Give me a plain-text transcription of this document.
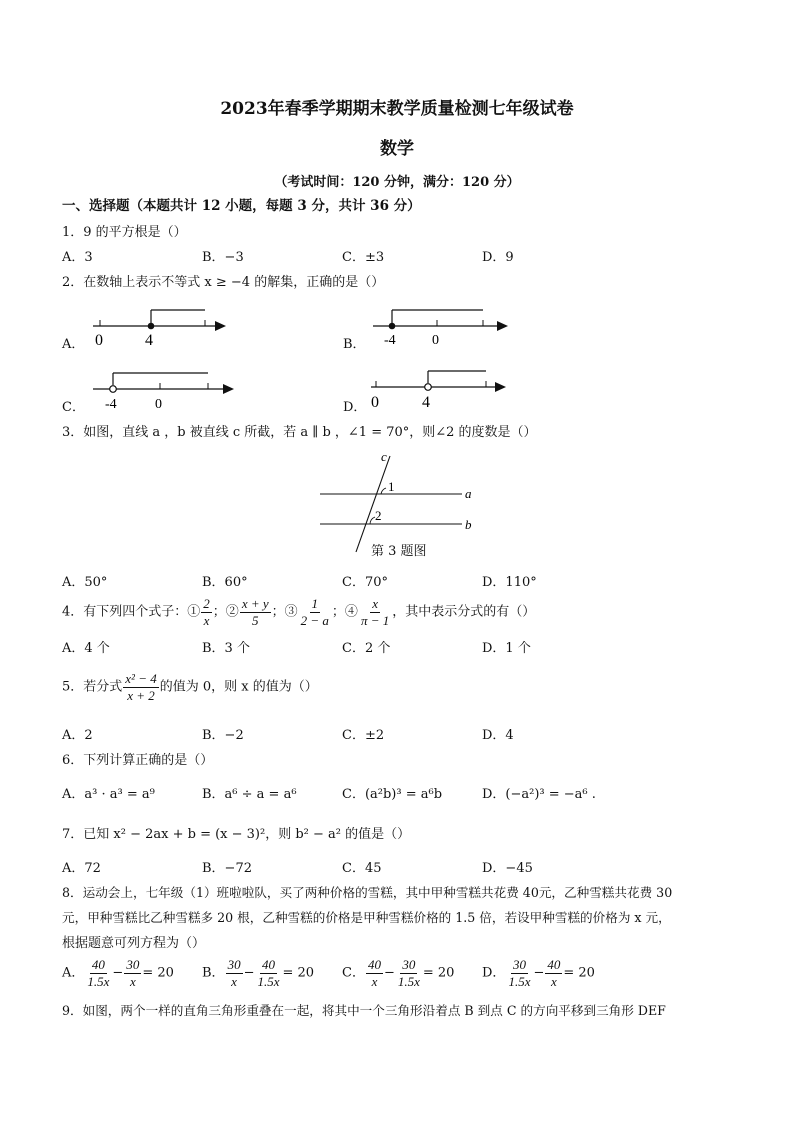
2023年春季学期期末教学质量检测七年级试卷
数学
（考试时间：120 分钟，满分：120 分）
一、选择题（本题共计 12 小题，每题 3 分，共计 36 分）
1．9 的平方根是（）
A．3	B．−3	C．±3	D．9
2．在数轴上表示不等式 x ≥ −4 的解集，正确的是（）
A． 0	4	B． -4	0
C． -4	0	D． 0	4
3．如图，直线 a ，b 被直线 c 所截，若 a ∥ b ，∠1 = 70°，则∠2 的度数是（）
c
1	a
2
b
第 3 题图
A．50°	B．60°	C．70°	D．110°
4．有下列四个式子：① $\frac{2}{x}$ ；② $\frac{x + y}{5}$ ；③ $\frac{1}{2 - a}$ ；④ $\frac{x}{\pi - 1}$ ，其中表示分式的有（）
A．4 个	B．3 个	C．2 个	D．1 个
5．若分式 $\frac{\text{x² − 4}}{x + 2}$ 的值为 0，则 x 的值为（）
A．2	B．−2	C．±2	D．4
6．下列计算正确的是（）
A．a³ · a³ = a⁹	B．a⁶ ÷ a = a⁶	C．(a²b)³ = a⁶b	D．(−a²)³ = −a⁶ .
7．已知 x² − 2ax + b = (x − 3)²，则 b² − a² 的值是（）
A．72	B．−72	C．45	D．−45
8．运动会上，七年级（1）班啦啦队，买了两种价格的雪糕，其中甲种雪糕共花费 40元，乙种雪糕共花费 30
元，甲种雪糕比乙种雪糕多 20 根，乙种雪糕的价格是甲种雪糕价格的 1.5 倍，若设甲种雪糕的价格为 x 元，
根据题意可列方程为（）
A． $\frac{40}{1.5x} - \frac{30}{x} = 20$ B． $\frac{30}{x} - \frac{40}{1.5x} = 20$ C． $\frac{40}{x} - \frac{30}{1.5x} = 20$ D． $\frac{30}{1.5x} - \frac{40}{x} = 20$
9．如图，两个一样的直角三角形重叠在一起，将其中一个三角形沿着点 B 到点 C 的方向平移到三角形 DEF
